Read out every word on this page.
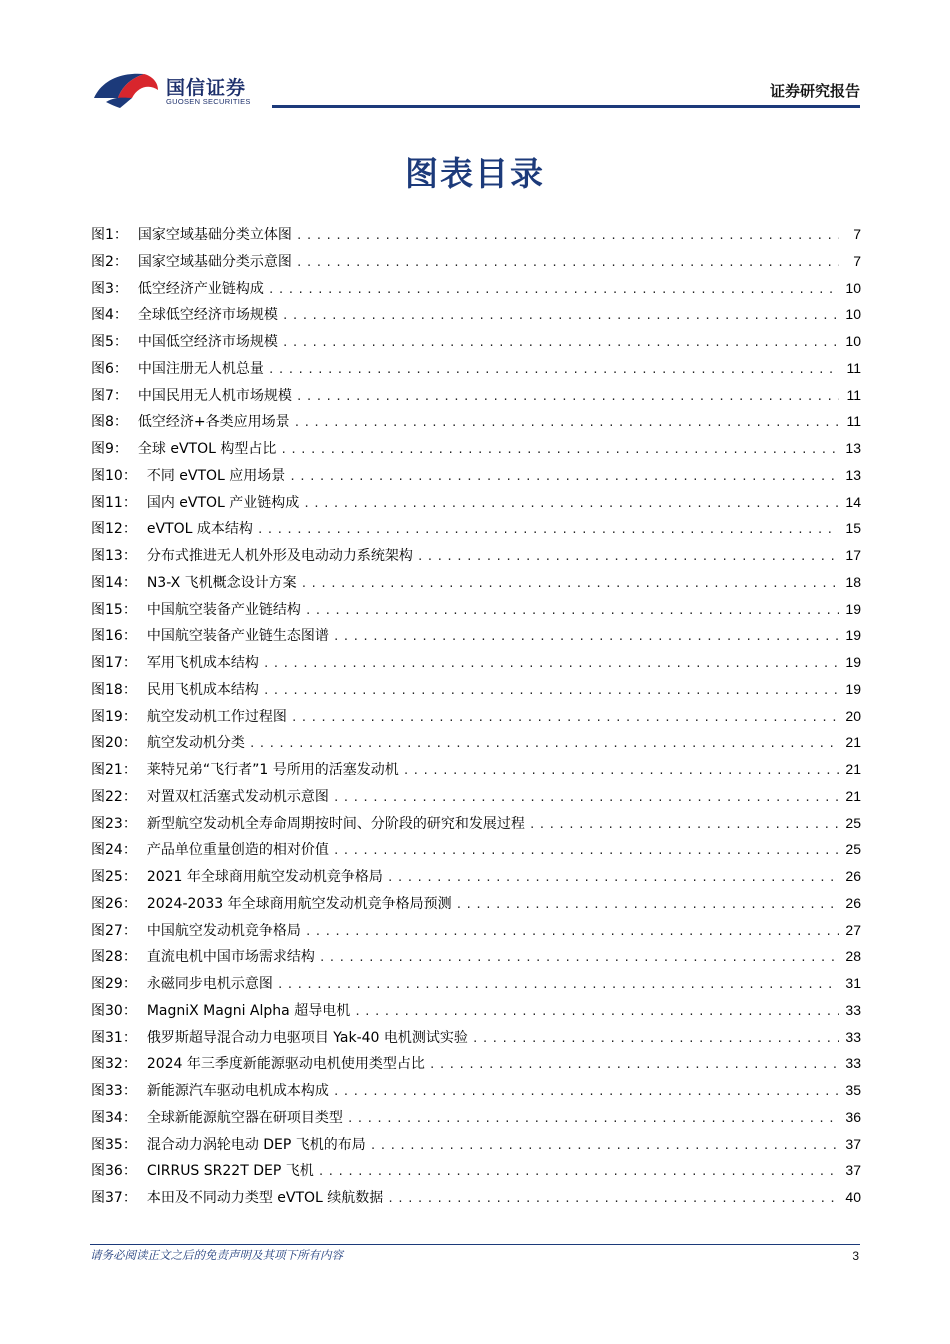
国信证券
GUOSEN SECURITIES
证券研究报告
图表目录
图1： 国家空域基础分类立体图 .....	7
图2： 国家空域基础分类示意图 .....	7
图3： 低空经济产业链构成 .....	10
图4： 全球低空经济市场规模 .....	10
图5： 中国低空经济市场规模 .....	10
图6： 中国注册无人机总量 .....	11
图7： 中国民用无人机市场规模 .....	11
图8： 低空经济+各类应用场景 .....	11
图9： 全球 eVTOL 构型占比 .....	13
图10： 不同 eVTOL 应用场景 .....	13
图11： 国内 eVTOL 产业链构成 .....	14
图12： eVTOL 成本结构 .....	15
图13： 分布式推进无人机外形及电动动力系统架构 .....	17
图14： N3-X 飞机概念设计方案 .....	18
图15： 中国航空装备产业链结构 .....	19
图16： 中国航空装备产业链生态图谱 .....	19
图17： 军用飞机成本结构 .....	19
图18： 民用飞机成本结构 .....	19
图19： 航空发动机工作过程图 .....	20
图20： 航空发动机分类 .....	21
图21： 莱特兄弟“飞行者”1 号所用的活塞发动机 .....	21
图22： 对置双杠活塞式发动机示意图 .....	21
图23： 新型航空发动机全寿命周期按时间、分阶段的研究和发展过程 .....	25
图24： 产品单位重量创造的相对价值 .....	25
图25： 2021 年全球商用航空发动机竞争格局 .....	26
图26： 2024-2033 年全球商用航空发动机竞争格局预测 .....	26
图27： 中国航空发动机竞争格局 .....	27
图28： 直流电机中国市场需求结构 .....	28
图29： 永磁同步电机示意图 .....	31
图30： MagniX Magni Alpha 超导电机 .....	33
图31： 俄罗斯超导混合动力电驱项目 Yak-40 电机测试实验 .....	33
图32： 2024 年三季度新能源驱动电机使用类型占比 .....	33
图33： 新能源汽车驱动电机成本构成 .....	35
图34： 全球新能源航空器在研项目类型 .....	36
图35： 混合动力涡轮电动 DEP 飞机的布局 .....	37
图36： CIRRUS SR22T DEP 飞机 .....	37
图37： 本田及不同动力类型 eVTOL 续航数据 .....	40
请务必阅读正文之后的免责声明及其项下所有内容	3
